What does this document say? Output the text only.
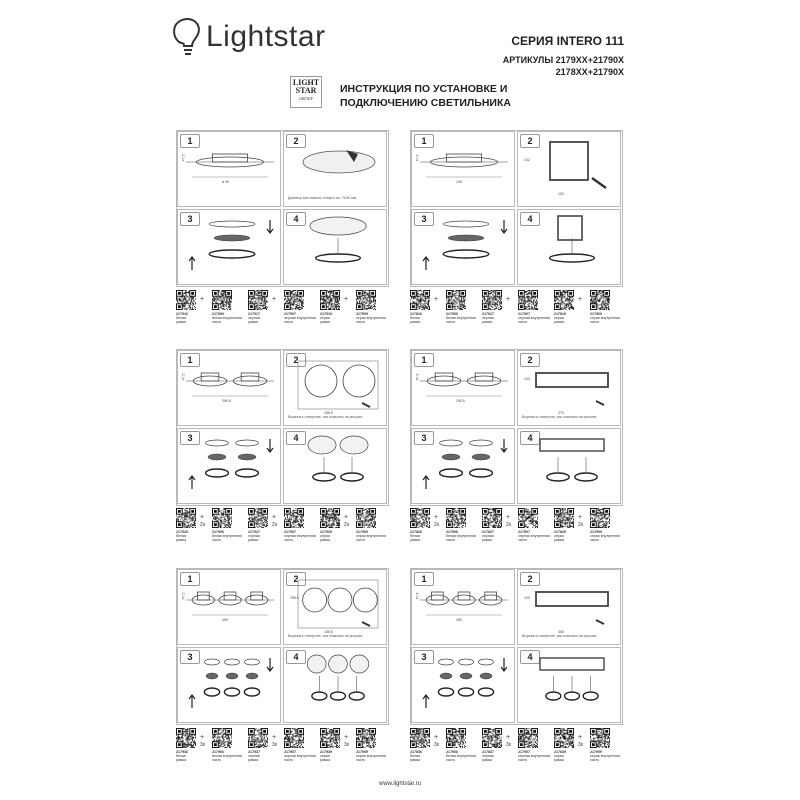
Lightstar	СЕРИЯ INTERO 111
АРТИКУЛЫ 2179XX+21790X
2178XX+21790X
LIGHT
STAR
GROUP
ИНСТРУКЦИЯ ПО УСТАНОВКЕ И
ПОДКЛЮЧЕНИЮ СВЕТИЛЬНИКА
1
ø 90
47.5
2
Диаметр монтажного отверстия: 75-80 мм
3	4
1
105
47.5
2
102
102
3	4
1
290.5
47.5
2
Вырезать отверстие, как показано на рисунке
155.5
3	4
1
290.5
47.5
2
Вырезать отверстие, как показано на рисунке
270
100
3	4
1
490
47.5
2
Вырезать отверстие, как показано на рисунке
155.5
155.5
3	4
1
490
47.5
2
Вырезать отверстие, как показано на рисунке
450
100
3	4
217916
белая
рамка
+
217906
белая внутренняя
часть
217917
черная
рамка
+
217907
черная внутренняя
часть
217919
серая
рамка
+
217909
серая внутренняя
часть
217816
белая
рамка
+
217906
белая внутренняя
часть
217817
черная
рамка
+
217907
черная внутренняя
часть
217819
серая
рамка
+
217909
серая внутренняя
часть
217926
белая
рамка
+
2x
217906
белая внутренняя
часть
217927
черная
рамка
+
2x
217907
черная внутренняя
часть
217929
серая
рамка
+
2x
217909
серая внутренняя
часть
217826
белая
рамка
+
2x
217906
белая внутренняя
часть
217827
черная
рамка
+
2x
217907
черная внутренняя
часть
217829
серая
рамка
+
2x
217909
серая внутренняя
часть
217936
белая
рамка
+
3x
217906
белая внутренняя
часть
217937
черная
рамка
+
3x
217907
черная внутренняя
часть
217939
серая
рамка
+
3x
217909
серая внутренняя
часть
217836
белая
рамка
+
3x
217906
белая внутренняя
часть
217837
черная
рамка
+
3x
217907
черная внутренняя
часть
217839
серая
рамка
+
3x
217909
серая внутренняя
часть
www.lightstar.ru
